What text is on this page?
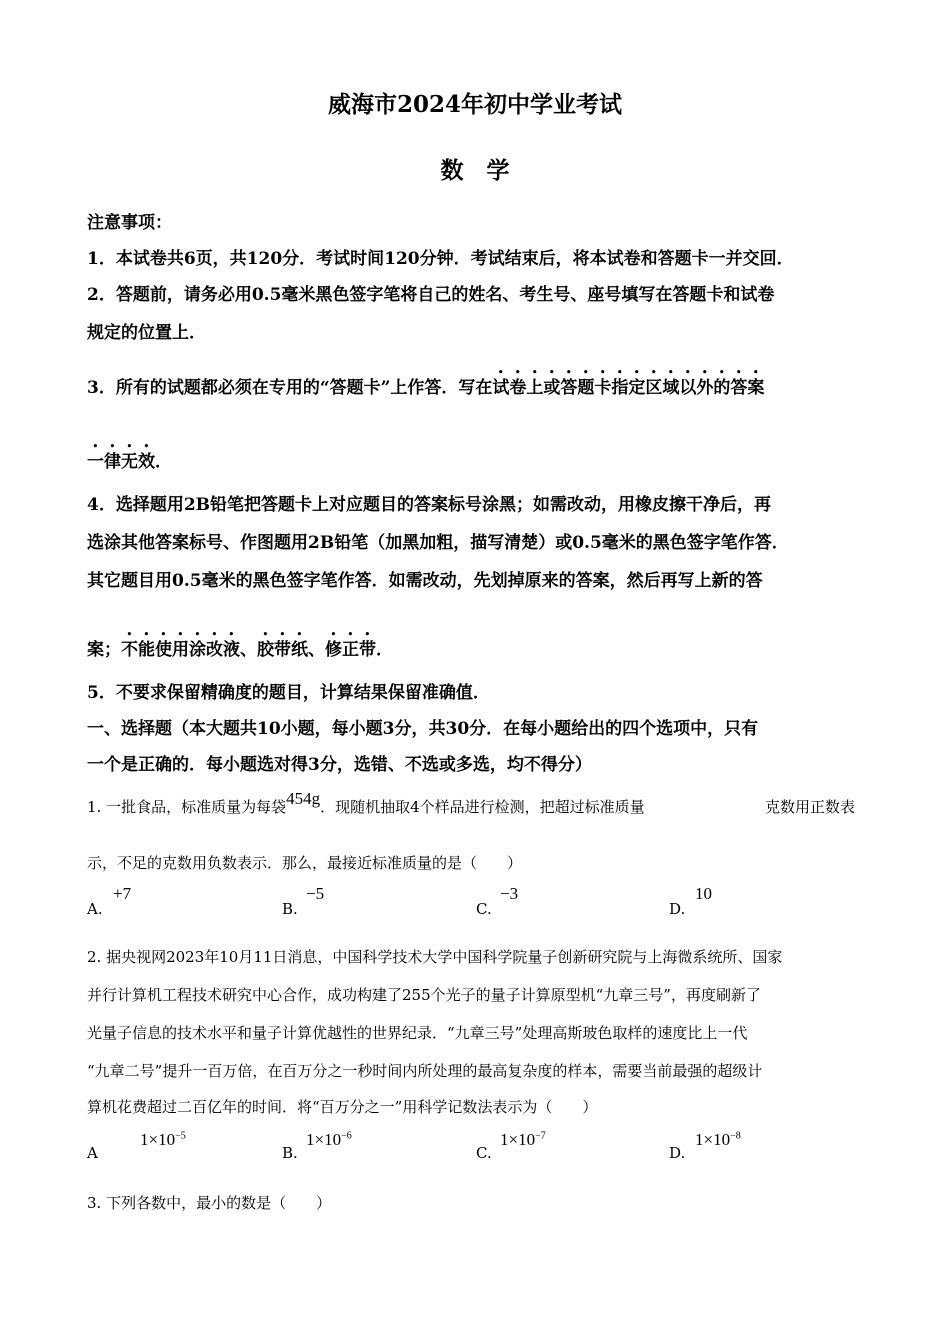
威海市2024年初中学业考试
数　学
注意事项：
1．本试卷共6页，共120分．考试时间120分钟．考试结束后，将本试卷和答题卡一并交回．
2．答题前，请务必用0.5毫米黑色签字笔将自己的姓名、考生号、座号填写在答题卡和试卷
规定的位置上．
3．所有的试题都必须在专用的“答题卡”上作答．写在试卷上或答题卡指定区域以外的答案
一律无效．
4．选择题用2B铅笔把答题卡上对应题目的答案标号涂黑；如需改动，用橡皮擦干净后，再
选涂其他答案标号、作图题用2B铅笔（加黑加粗，描写清楚）或0.5毫米的黑色签字笔作答．
其它题目用0.5毫米的黑色签字笔作答．如需改动，先划掉原来的答案，然后再写上新的答
案；不能使用涂改液、胶带纸、修正带．
5．不要求保留精确度的题目，计算结果保留准确值．
一、选择题（本大题共10小题，每小题3分，共30分．在每小题给出的四个选项中，只有
一个是正确的．每小题选对得3分，选错、不选或多选，均不得分）
1. 一批食品，标准质量为每袋454g．现随机抽取4个样品进行检测，把超过标准质量	克数用正数表
示，不足的克数用负数表示．那么，最接近标准质量的是（　　）
A.
+7
B.
−5
C.
−3
D.
10
2. 据央视网2023年10月11日消息，中国科学技术大学中国科学院量子创新研究院与上海微系统所、国家
并行计算机工程技术研究中心合作，成功构建了255个光子的量子计算原型机“九章三号”，再度刷新了
光量子信息的技术水平和量子计算优越性的世界纪录．“九章三号”处理高斯玻色取样的速度比上一代
“九章二号”提升一百万倍，在百万分之一秒时间内所处理的最高复杂度的样本，需要当前最强的超级计
算机花费超过二百亿年的时间．将“百万分之一”用科学记数法表示为（　　）
A
$1\times 10^{-5}$
B.
$1\times 10^{-6}$
C.
$1\times 10^{-7}$
D.
$1\times 10^{-8}$
3. 下列各数中，最小的数是（　　）
